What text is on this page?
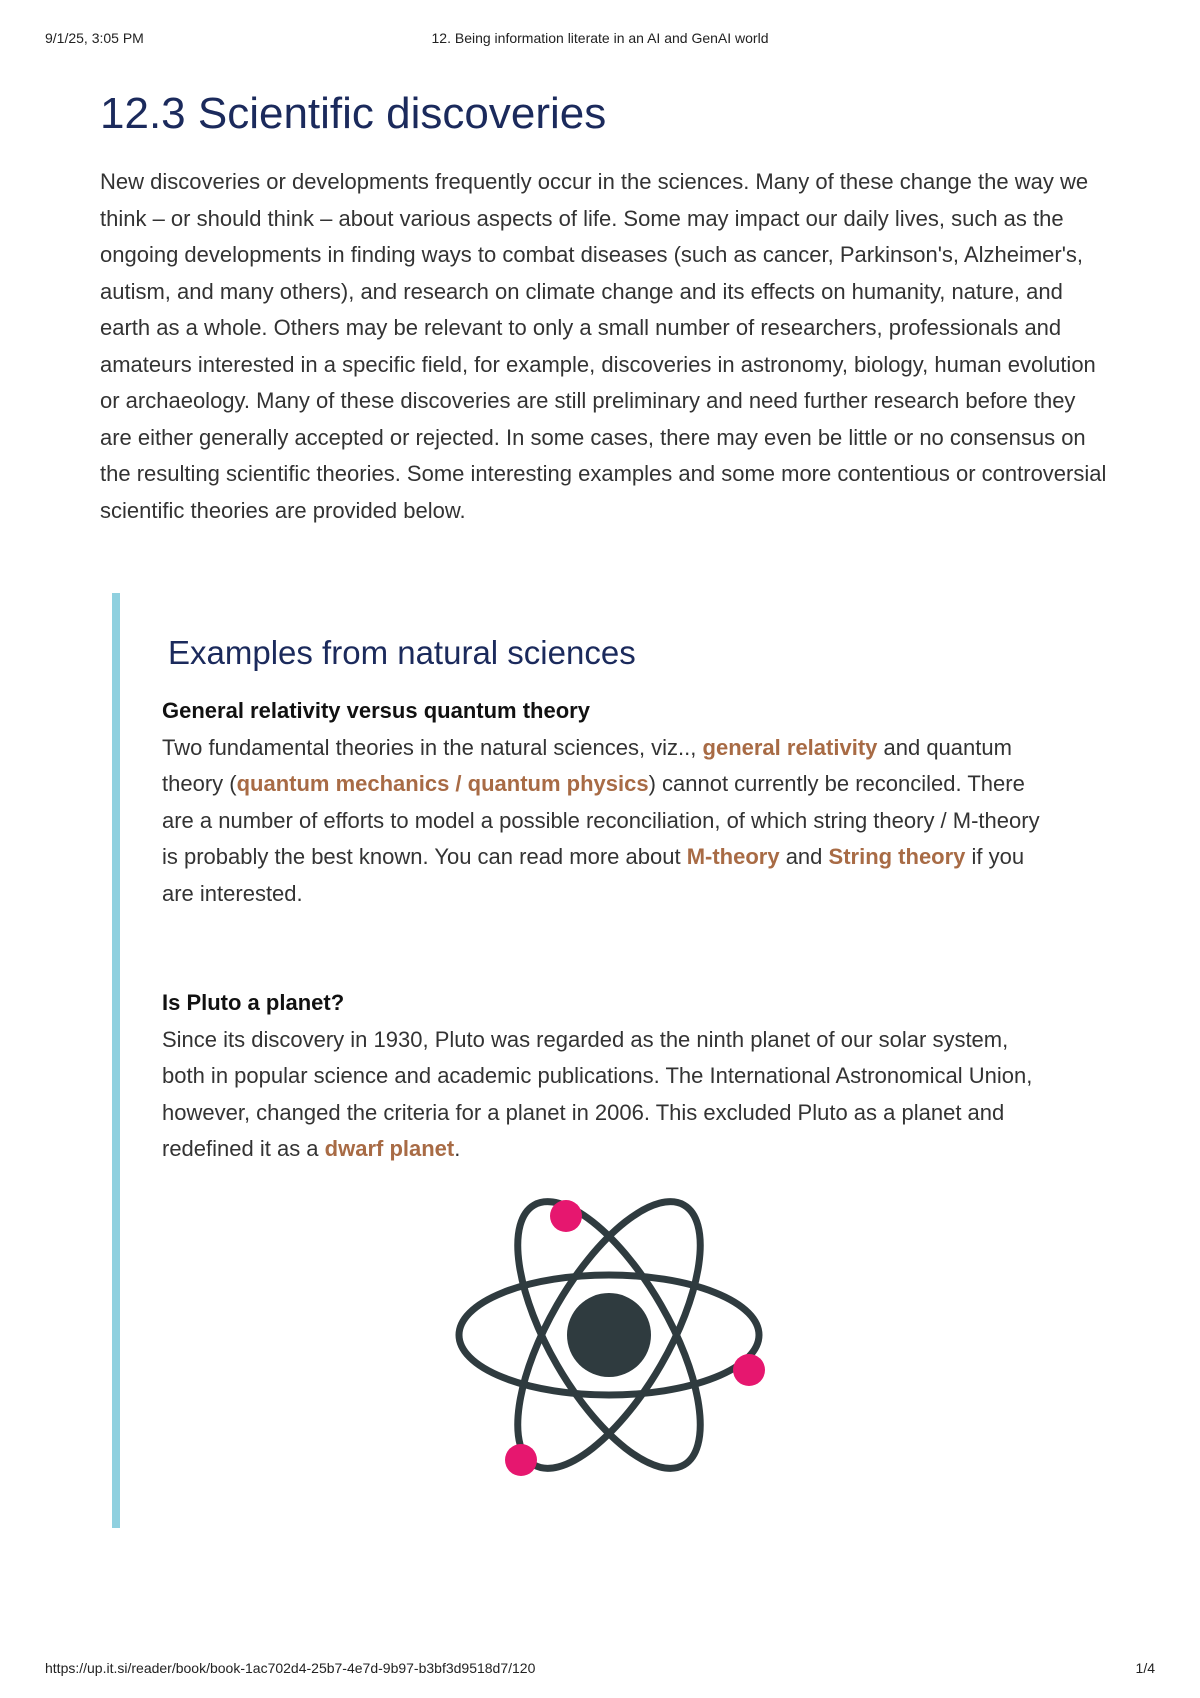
9/1/25, 3:05 PM	12. Being information literate in an AI and GenAI world
12.3 Scientific discoveries

New discoveries or developments frequently occur in the sciences. Many of these change the way we think – or should think – about various aspects of life. Some may impact our daily lives, such as the ongoing developments in finding ways to combat diseases (such as cancer, Parkinson's, Alzheimer's, autism, and many others), and research on climate change and its effects on humanity, nature, and earth as a whole. Others may be relevant to only a small number of researchers, professionals and amateurs interested in a specific field, for example, discoveries in astronomy, biology, human evolution or archaeology. Many of these discoveries are still preliminary and need further research before they are either generally accepted or rejected. In some cases, there may even be little or no consensus on the resulting scientific theories. Some interesting examples and some more contentious or controversial scientific theories are provided below.

Examples from natural sciences
General relativity versus quantum theory

Two fundamental theories in the natural sciences, viz.., general relativity and quantum theory (quantum mechanics / quantum physics) cannot currently be reconciled. There are a number of efforts to model a possible reconciliation, of which string theory / M-theory is probably the best known. You can read more about M-theory and String theory if you are interested.

Is Pluto a planet?

Since its discovery in 1930, Pluto was regarded as the ninth planet of our solar system, both in popular science and academic publications. The International Astronomical Union, however, changed the criteria for a planet in 2006. This excluded Pluto as a planet and redefined it as a dwarf planet.

https://up.it.si/reader/book/book-1ac702d4-25b7-4e7d-9b97-b3bf3d9518d7/120	1/4
